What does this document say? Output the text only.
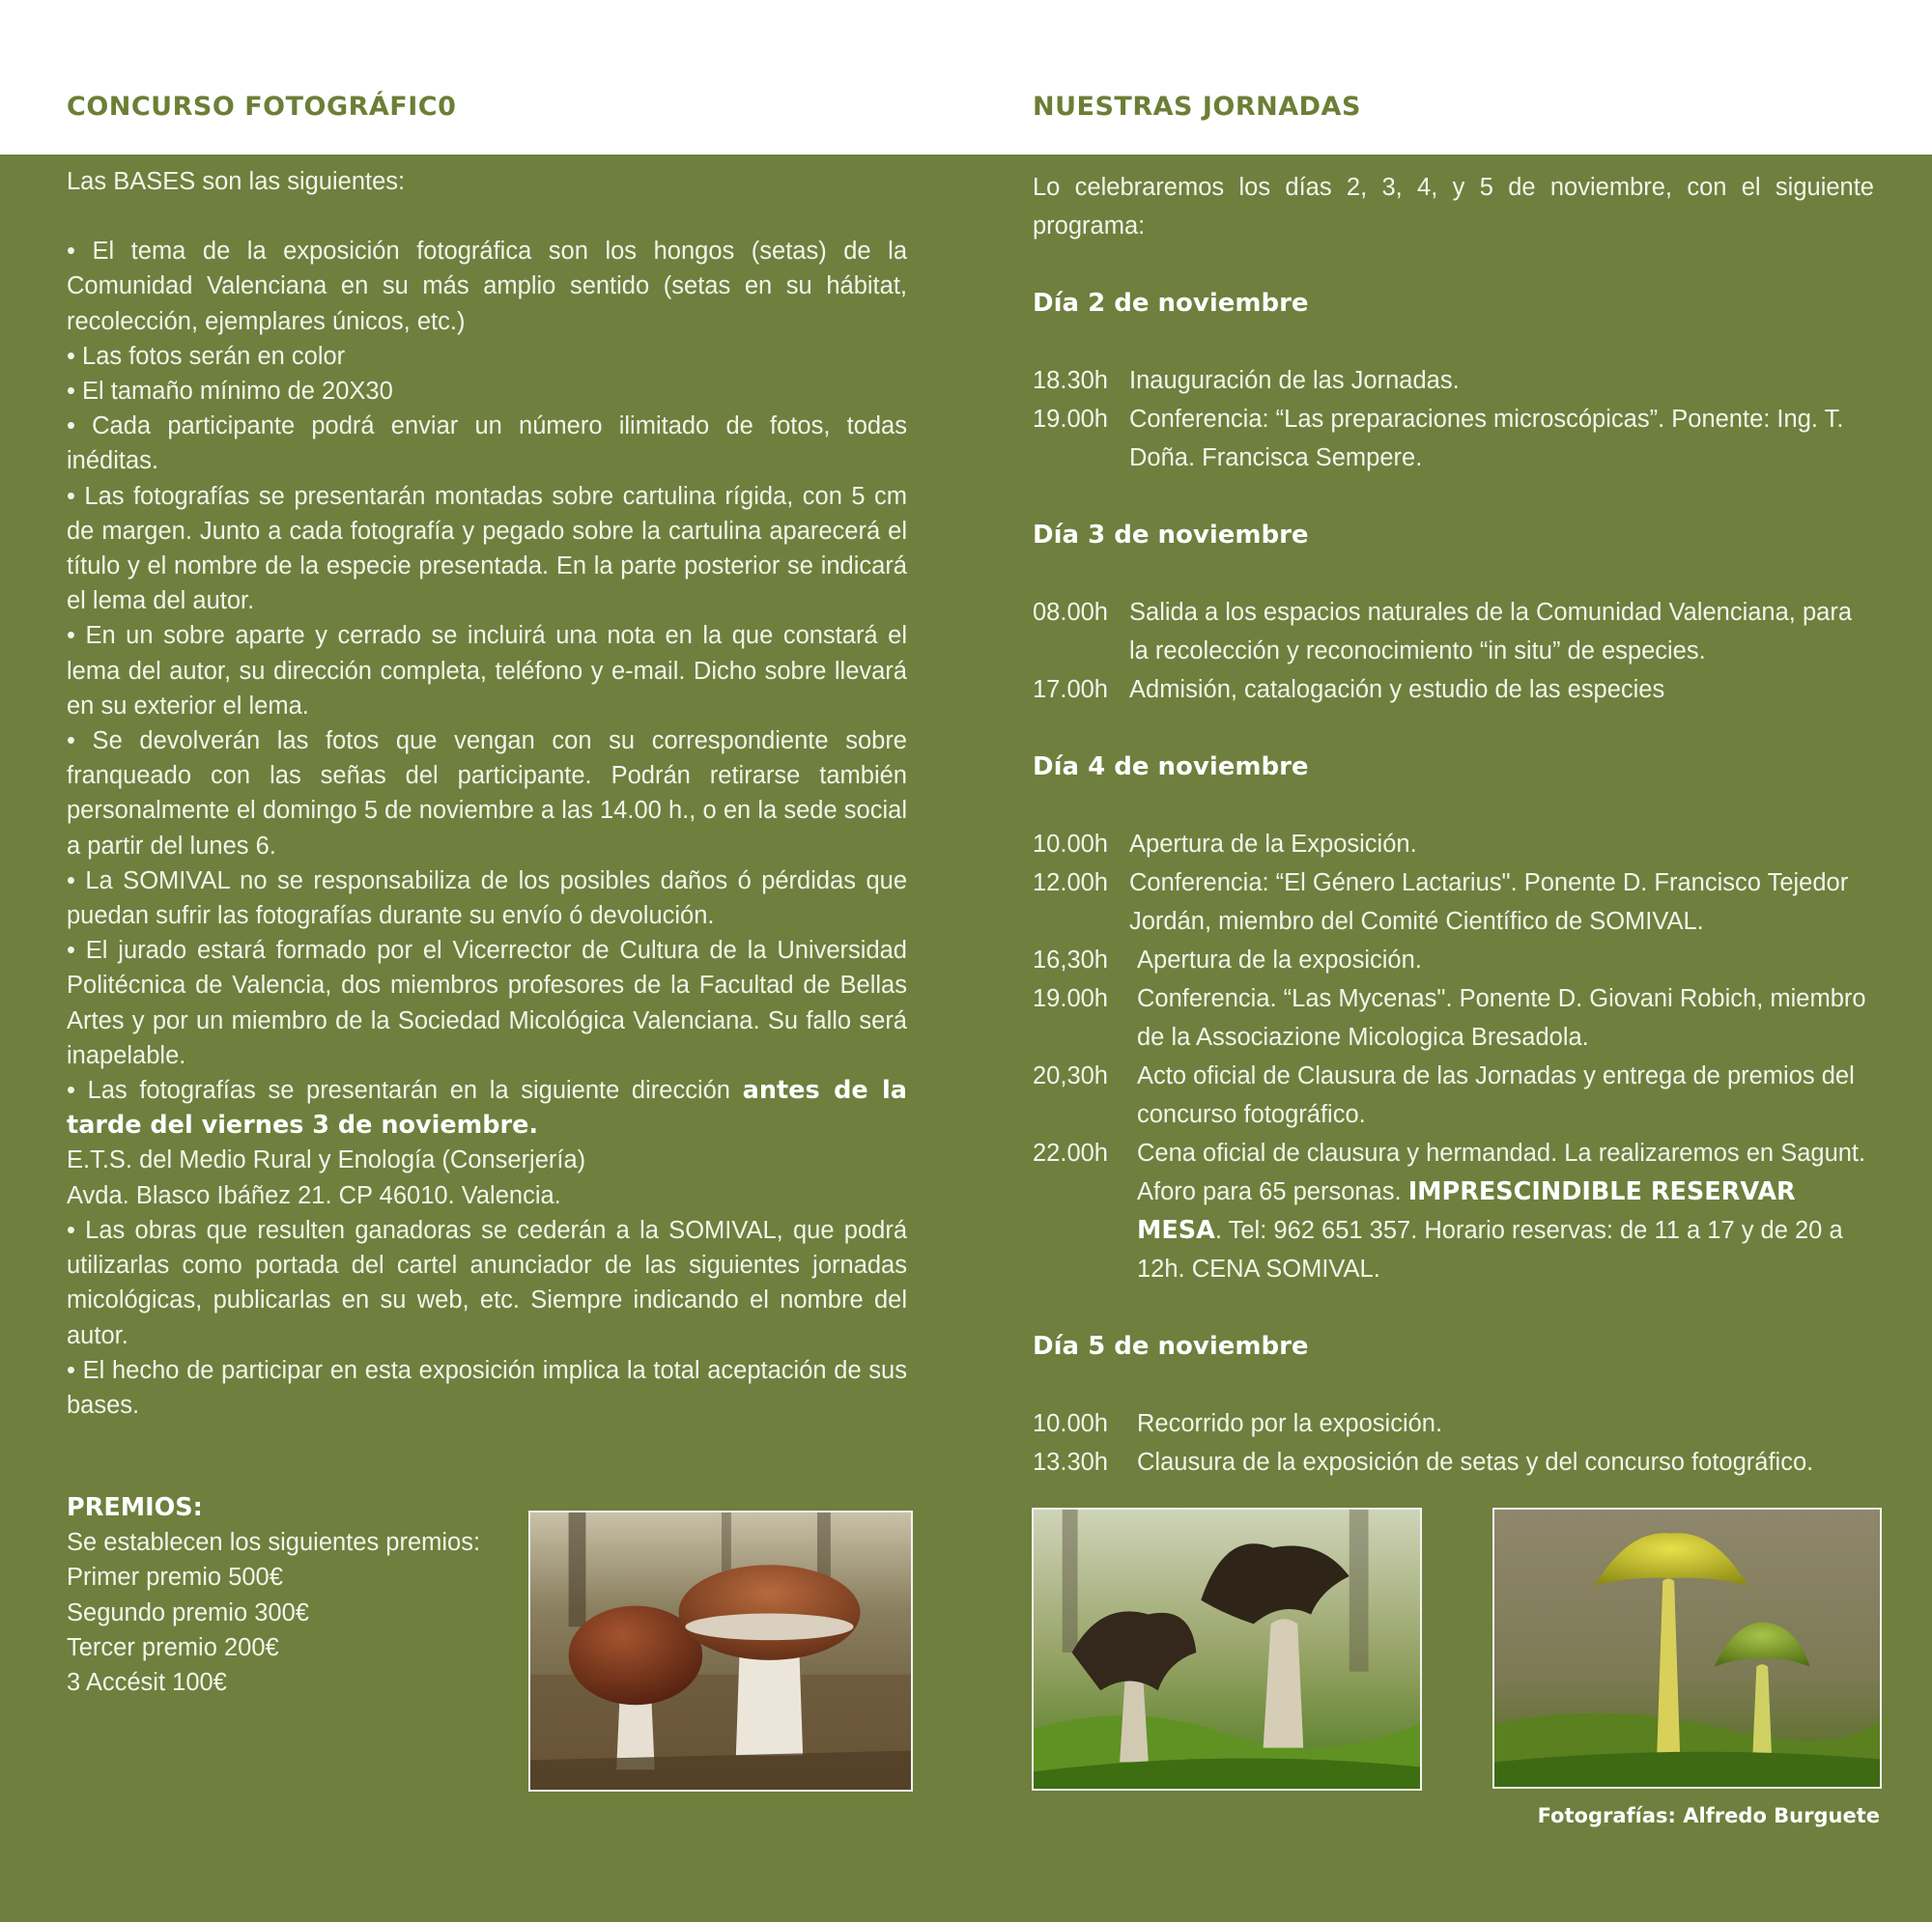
CONCURSO FOTOGRÁFIC0	NUESTRAS JORNADAS

Las BASES son las siguientes:

• El tema de la exposición fotográfica son los hongos (setas) de la Comunidad Valenciana en su más amplio sentido (setas en su hábitat, recolección, ejemplares únicos, etc.)

• Las fotos serán en color

• El tamaño mínimo de 20X30

• Cada participante podrá enviar un número ilimitado de fotos, todas inéditas.

• Las fotografías se presentarán montadas sobre cartulina rígida, con 5 cm de margen. Junto a cada fotografía y pegado sobre la cartulina aparecerá el título y el nombre de la especie presentada. En la parte posterior se indicará el lema del autor.

• En un sobre aparte y cerrado se incluirá una nota en la que constará el lema del autor, su dirección completa, teléfono y e-mail. Dicho sobre llevará en su exterior el lema.

• Se devolverán las fotos que vengan con su correspondiente sobre franqueado con las señas del participante. Podrán retirarse también personalmente el domingo 5 de noviembre a las 14.00 h., o en la sede social a partir del lunes 6.

• La SOMIVAL no se responsabiliza de los posibles daños ó pérdidas que puedan sufrir las fotografías durante su envío ó devolución.

• El jurado estará formado por el Vicerrector de Cultura de la Universidad Politécnica de Valencia, dos miembros profesores de la Facultad de Bellas Artes y por un miembro de la Sociedad Micológica Valenciana. Su fallo será inapelable.

• Las fotografías se presentarán en la siguiente dirección antes de la tarde del viernes 3 de noviembre.

E.T.S. del Medio Rural y Enología (Conserjería)

Avda. Blasco Ibáñez 21. CP 46010. Valencia.

• Las obras que resulten ganadoras se cederán a la SOMIVAL, que podrá utilizarlas como portada del cartel anunciador de las siguientes jornadas micológicas, publicarlas en su web, etc. Siempre indicando el nombre del autor.

• El hecho de participar en esta exposición implica la total aceptación de sus bases.

PREMIOS:

Se establecen los siguientes premios:

Primer premio 500€

Segundo premio 300€

Tercer premio 200€

3 Accésit 100€

Lo celebraremos los días 2, 3, 4, y 5 de noviembre, con el siguiente programa:

Día 2 de noviembre

18.30h Inauguración de las Jornadas.
19.00h Conferencia: “Las preparaciones microscópicas”. Ponente: Ing. T. Doña. Francisca Sempere.

Día 3 de noviembre

08.00h Salida a los espacios naturales de la Comunidad Valenciana, para la recolección y reconocimiento “in situ” de especies.
17.00h Admisión, catalogación y estudio de las especies

Día 4 de noviembre

10.00h Apertura de la Exposición.
12.00h Conferencia: “El Género Lactarius". Ponente D. Francisco Tejedor Jordán, miembro del Comité Científico de SOMIVAL.
16,30h	Apertura de la exposición.
19.00h	Conferencia. “Las Mycenas". Ponente D. Giovani Robich, miembro de la Associazione Micologica Bresadola.
20,30h	Acto oficial de Clausura de las Jornadas y entrega de premios del concurso fotográfico.
22.00h	Cena oficial de clausura y hermandad. La realizaremos en Sagunt. Aforo para 65 personas. IMPRESCINDIBLE RESERVAR MESA. Tel: 962 651 357. Horario reservas: de 11 a 17 y de 20 a 12h. CENA SOMIVAL.

Día 5 de noviembre

10.00h	Recorrido por la exposición.
13.30h	Clausura de la exposición de setas y del concurso fotográfico.
Fotografías: Alfredo Burguete
